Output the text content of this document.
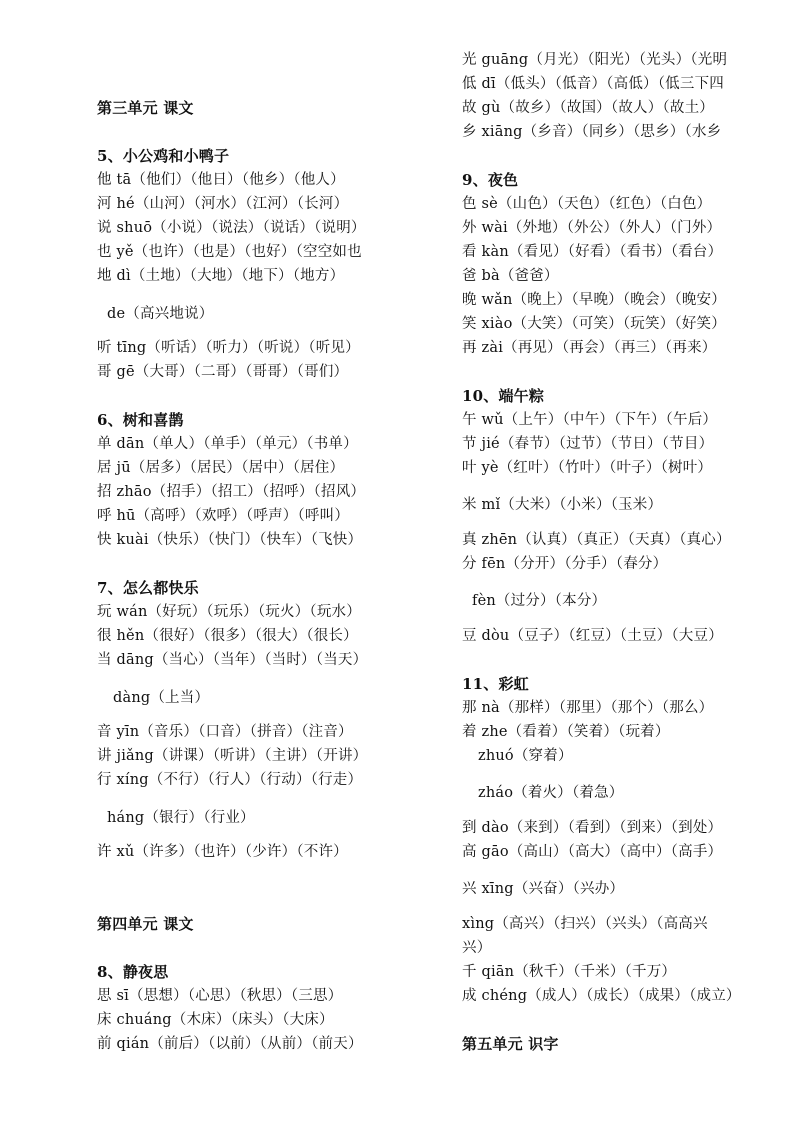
第三单元 课文
5、小公鸡和小鸭子
他 tā（他们）（他日）（他乡）（他人）
河 hé（山河）（河水）（江河）（长河）
说 shuō（小说）（说法）（说话）（说明）
也 yě（也许）（也是）（也好）（空空如也
地 dì（土地）（大地）（地下）（地方）
de（高兴地说）
听 tīng（听话）（听力）（听说）（听见）
哥 gē（大哥）（二哥）（哥哥）（哥们）
6、树和喜鹊
单 dān（单人）（单手）（单元）（书单）
居 jū（居多）（居民）（居中）（居住）
招 zhāo（招手）（招工）（招呼）（招风）
呼 hū（高呼）（欢呼）（呼声）（呼叫）
快 kuài（快乐）（快门）（快车）（飞快）
7、怎么都快乐
玩 wán（好玩）（玩乐）（玩火）（玩水）
很 hěn（很好）（很多）（很大）（很长）
当 dāng（当心）（当年）（当时）（当天）
dàng（上当）
音 yīn（音乐）（口音）（拼音）（注音）
讲 jiǎng（讲课）（听讲）（主讲）（开讲）
行 xíng（不行）（行人）（行动）（行走）
háng（银行）（行业）
许 xǔ（许多）（也许）（少许）（不许）
第四单元 课文
8、静夜思
思 sī（思想）（心思）（秋思）（三思）
床 chuáng（木床）（床头）（大床）
前 qián（前后）（以前）（从前）（前天）
光 guāng（月光）（阳光）（光头）（光明
低 dī（低头）（低音）（高低）（低三下四
故 gù（故乡）（故国）（故人）（故土）
乡 xiāng（乡音）（同乡）（思乡）（水乡
9、夜色
色 sè（山色）（天色）（红色）（白色）
外 wài（外地）（外公）（外人）（门外）
看 kàn（看见）（好看）（看书）（看台）
爸 bà（爸爸）
晚 wǎn（晚上）（早晚）（晚会）（晚安）
笑 xiào（大笑）（可笑）（玩笑）（好笑）
再 zài（再见）（再会）（再三）（再来）
10、端午粽
午 wǔ（上午）（中午）（下午）（午后）
节 jié（春节）（过节）（节日）（节目）
叶 yè（红叶）（竹叶）（叶子）（树叶）
米 mǐ（大米）（小米）（玉米）
真 zhēn（认真）（真正）（天真）（真心）
分 fēn（分开）（分手）（春分）
fèn（过分）（本分）
豆 dòu（豆子）（红豆）（土豆）（大豆）
11、彩虹
那 nà（那样）（那里）（那个）（那么）
着 zhe（看着）（笑着）（玩着）
zhuó（穿着）
zháo（着火）（着急）
到 dào（来到）（看到）（到来）（到处）
高 gāo（高山）（高大）（高中）（高手）
兴 xīng（兴奋）（兴办）
xìng（高兴）（扫兴）（兴头）（高高兴
兴）
千 qiān（秋千）（千米）（千万）
成 chéng（成人）（成长）（成果）（成立）
第五单元 识字
